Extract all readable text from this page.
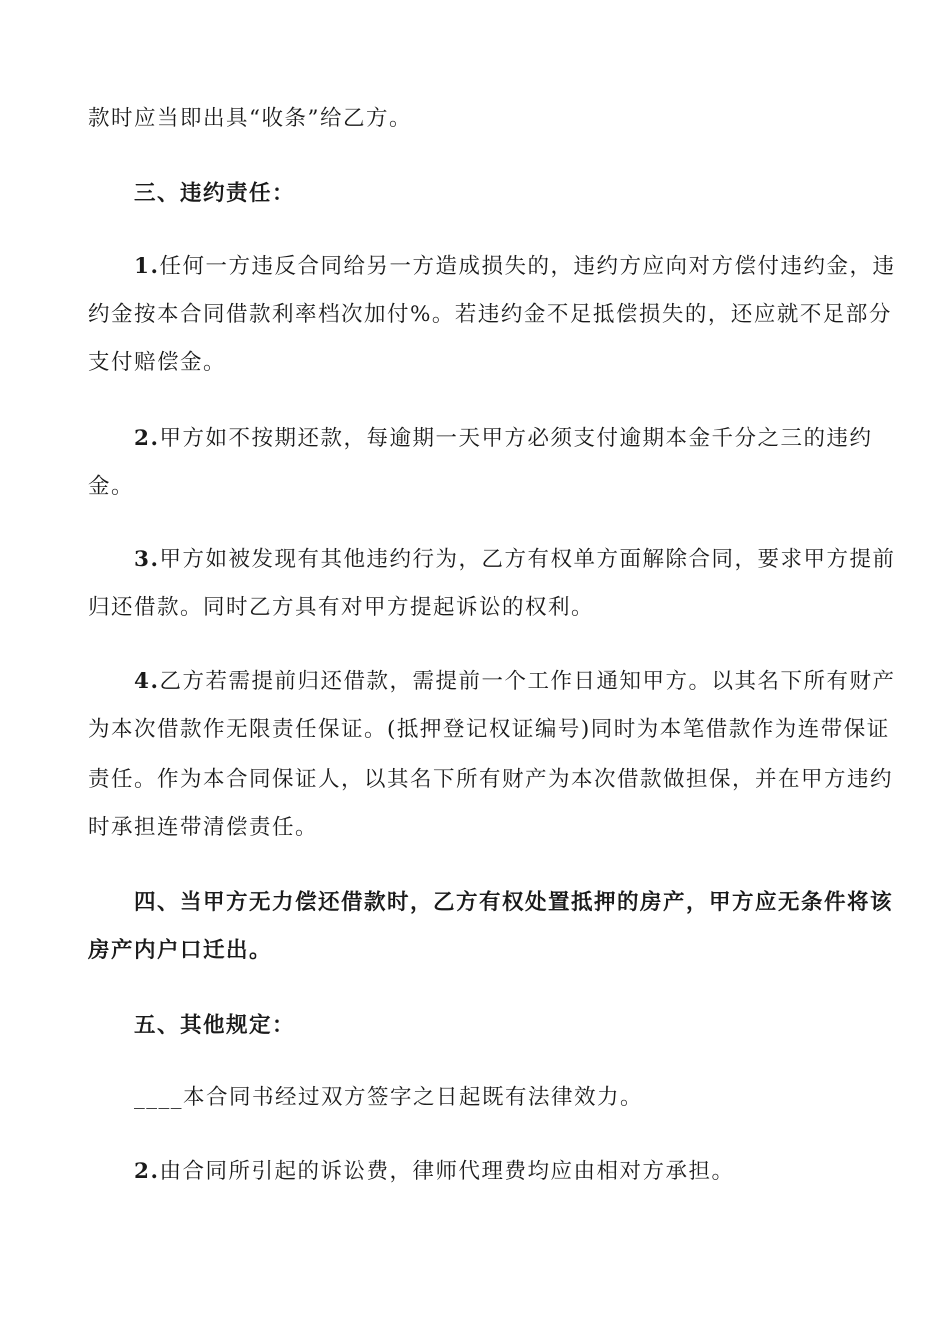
款时应当即出具“收条”给乙方。
三、违约责任：
1.任何一方违反合同给另一方造成损失的，违约方应向对方偿付违约金，违
约金按本合同借款利率档次加付%。若违约金不足抵偿损失的，还应就不足部分
支付赔偿金。
2.甲方如不按期还款，每逾期一天甲方必须支付逾期本金千分之三的违约
金。
3.甲方如被发现有其他违约行为，乙方有权单方面解除合同，要求甲方提前
归还借款。同时乙方具有对甲方提起诉讼的权利。
4.乙方若需提前归还借款，需提前一个工作日通知甲方。以其名下所有财产
为本次借款作无限责任保证。(抵押登记权证编号)同时为本笔借款作为连带保证
责任。作为本合同保证人，以其名下所有财产为本次借款做担保，并在甲方违约
时承担连带清偿责任。
四、当甲方无力偿还借款时，乙方有权处置抵押的房产，甲方应无条件将该
房产内户口迁出。
五、其他规定：
____本合同书经过双方签字之日起既有法律效力。
2.由合同所引起的诉讼费，律师代理费均应由相对方承担。
